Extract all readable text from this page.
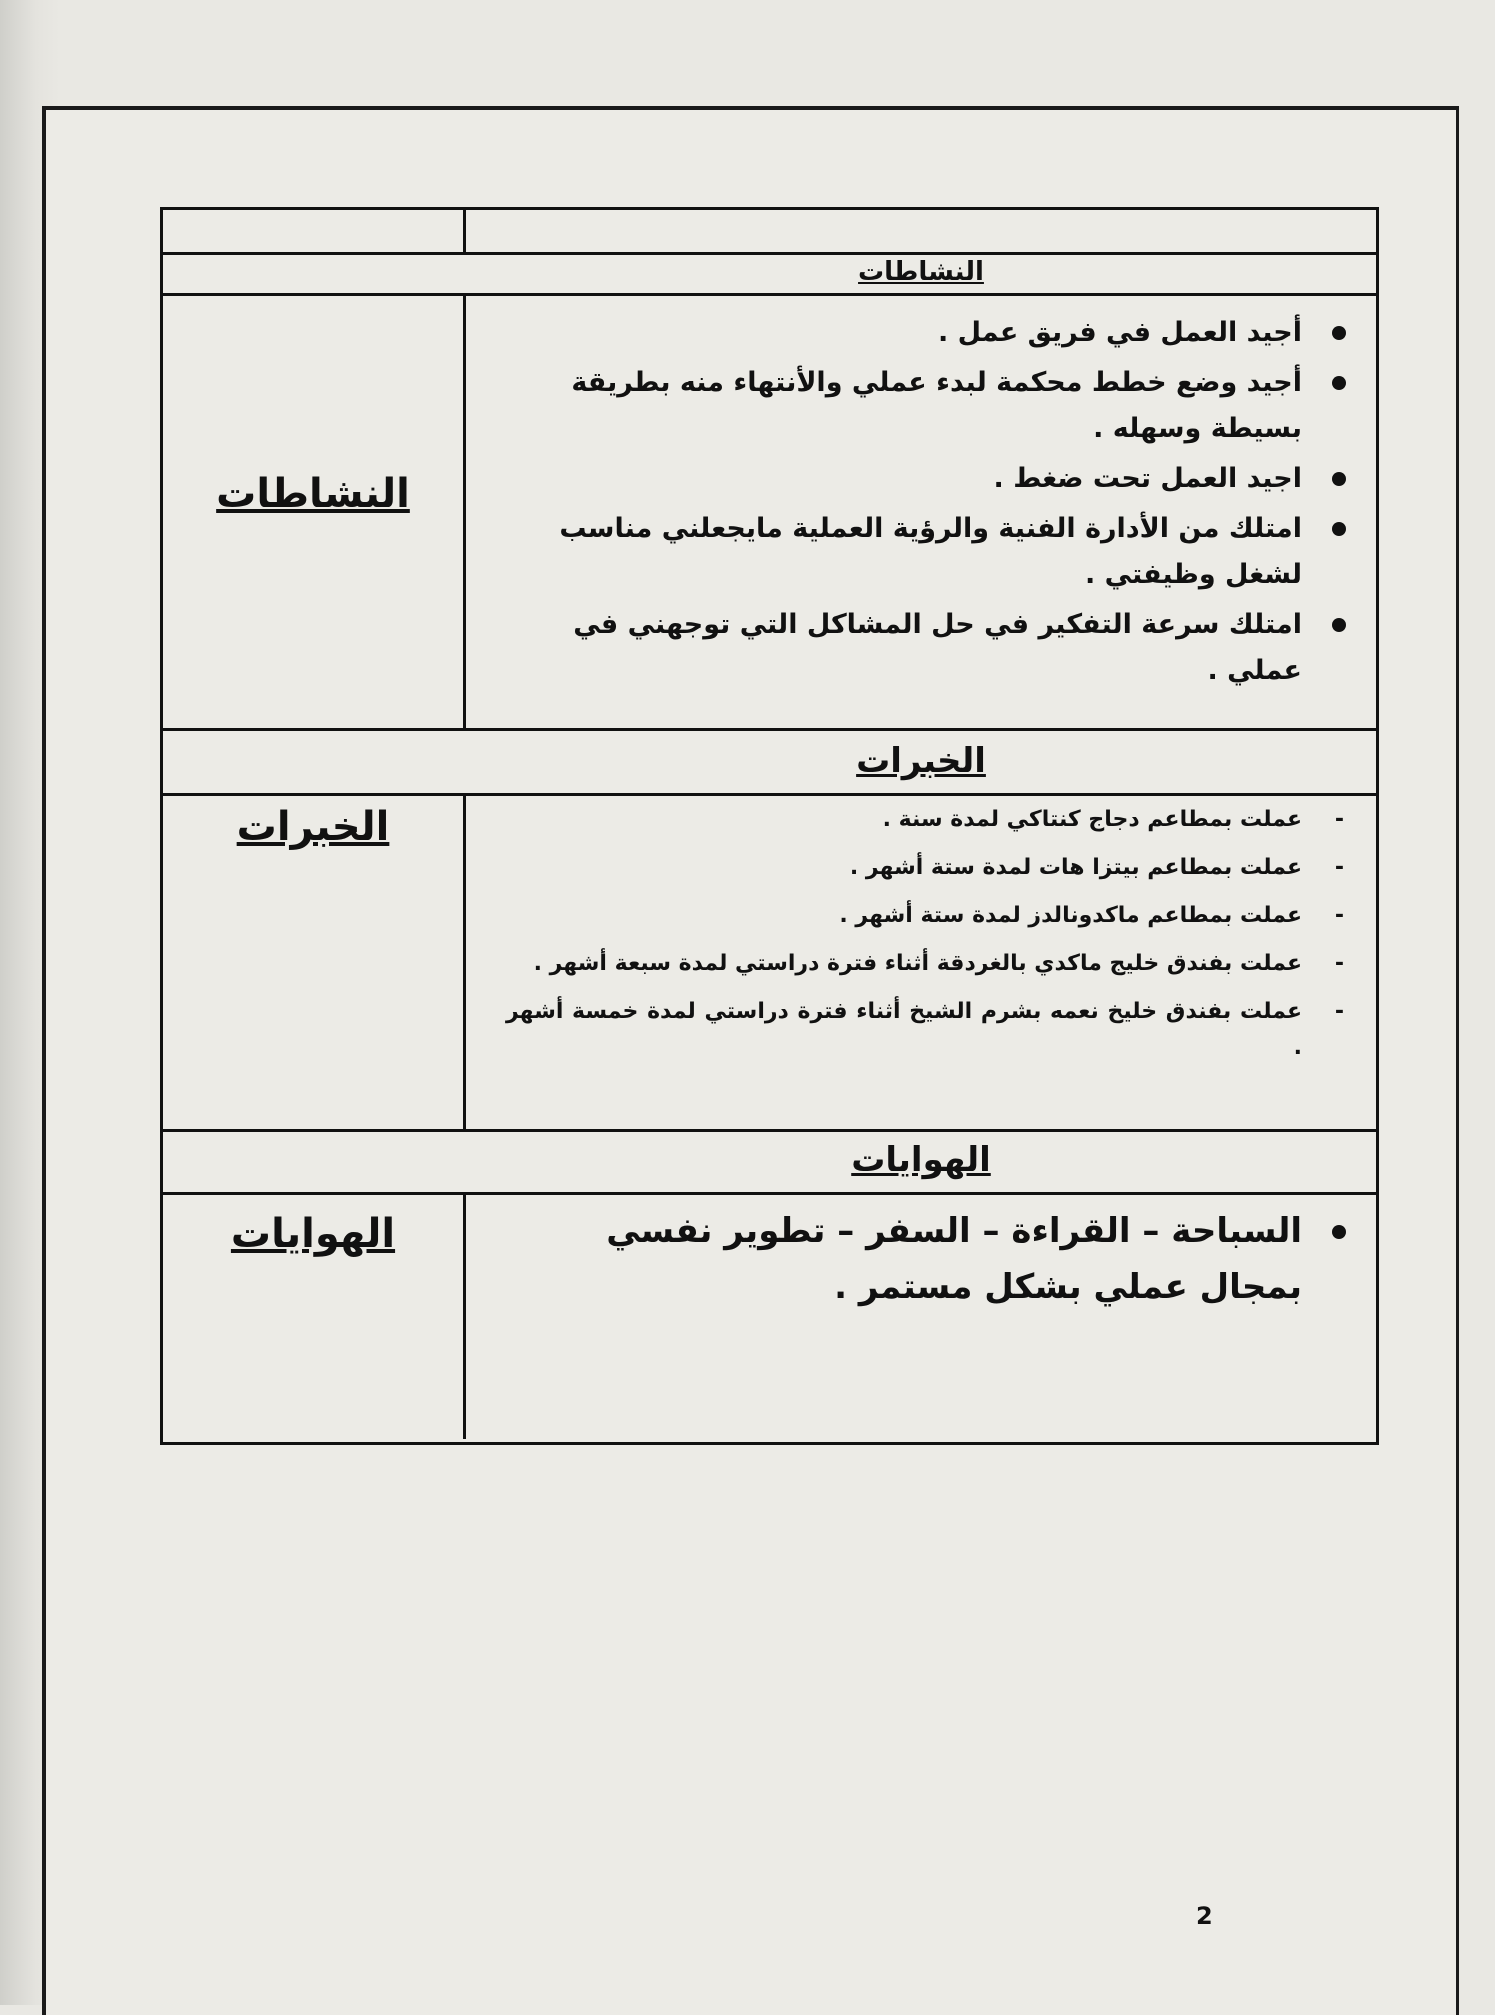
النشاطات
النشاطات
أجيد العمل في فريق عمل .
أجيد وضع خطط محكمة لبدء عملي والأنتهاء منه بطريقة بسيطة وسهله .
اجيد العمل تحت ضغط .
امتلك من الأدارة الفنية والرؤية العملية مايجعلني مناسب لشغل وظيفتي .
امتلك سرعة التفكير في حل المشاكل التي توجهني في عملي .
الخبرات
الخبرات	-
عملت بمطاعم دجاج كنتاكي لمدة سنة .
-
عملت بمطاعم بيتزا هات لمدة ستة أشهر .
-
عملت بمطاعم ماكدونالدز لمدة ستة أشهر .
-
عملت بفندق خليج ماكدي بالغردقة أثناء فترة دراستي لمدة سبعة أشهر .
-
عملت بفندق خليخ نعمه بشرم الشيخ أثناء فترة دراستي لمدة خمسة أشهر .
الهوايات
الهوايات	السباحة – القراءة – السفر – تطوير نفسي بمجال عملي بشكل مستمر .
2
